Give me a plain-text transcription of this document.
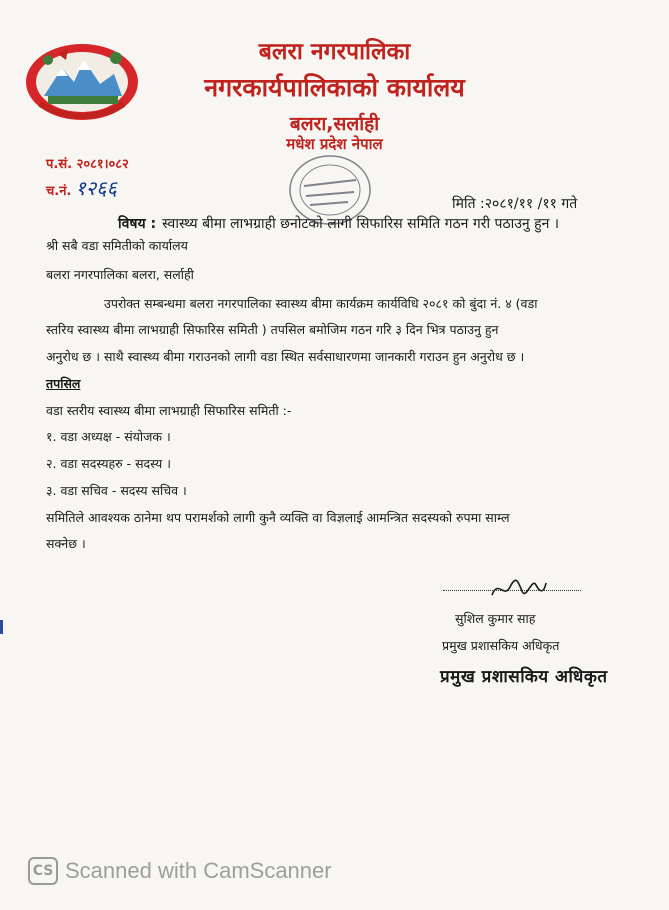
बलरा नगरपालिका
नगरकार्यपालिकाको कार्यालय
बलरा,सर्लाही
मधेश प्रदेश नेपाल
प.सं. २०८१।०८२
च.नं. १२६६
मिति :२०८१/११ /११ गते
विषय : स्वास्थ्य बीमा लाभग्राही छनोटको लागी सिफारिस समिति गठन गरी पठाउनु हुन ।
श्री सबै वडा समितीको कार्यालय
बलरा नगरपालिका बलरा, सर्लाही
उपरोक्त सम्बन्धमा बलरा नगरपालिका स्वास्थ्य बीमा कार्यक्रम कार्यविधि २०८१ को बुंदा नं. ४ (वडा
स्तरिय स्वास्थ्य बीमा लाभग्राही सिफारिस समिती ) तपसिल बमोजिम गठन गरि ३ दिन भित्र पठाउनु हुन
अनुरोध छ । साथै स्वास्थ्य बीमा गराउनको लागी वडा स्थित सर्वसाधारणमा जानकारी गराउन हुन अनुरोध छ ।
तपसिल
वडा स्तरीय स्वास्थ्य बीमा लाभग्राही सिफारिस समिती :-
१. वडा अध्यक्ष - संयोजक ।
२. वडा सदस्यहरु - सदस्य ।
३. वडा सचिव - सदस्य सचिव ।
समितिले आवश्यक ठानेमा थप परामर्शको लागी कुनै व्यक्ति वा विज्ञलाई आमन्त्रित सदस्यको रुपमा साम्ल
सक्नेछ ।
सुशिल कुमार साह
प्रमुख प्रशासकिय अधिकृत
प्रमुख प्रशासकिय अधिकृत
CS Scanned with CamScanner
